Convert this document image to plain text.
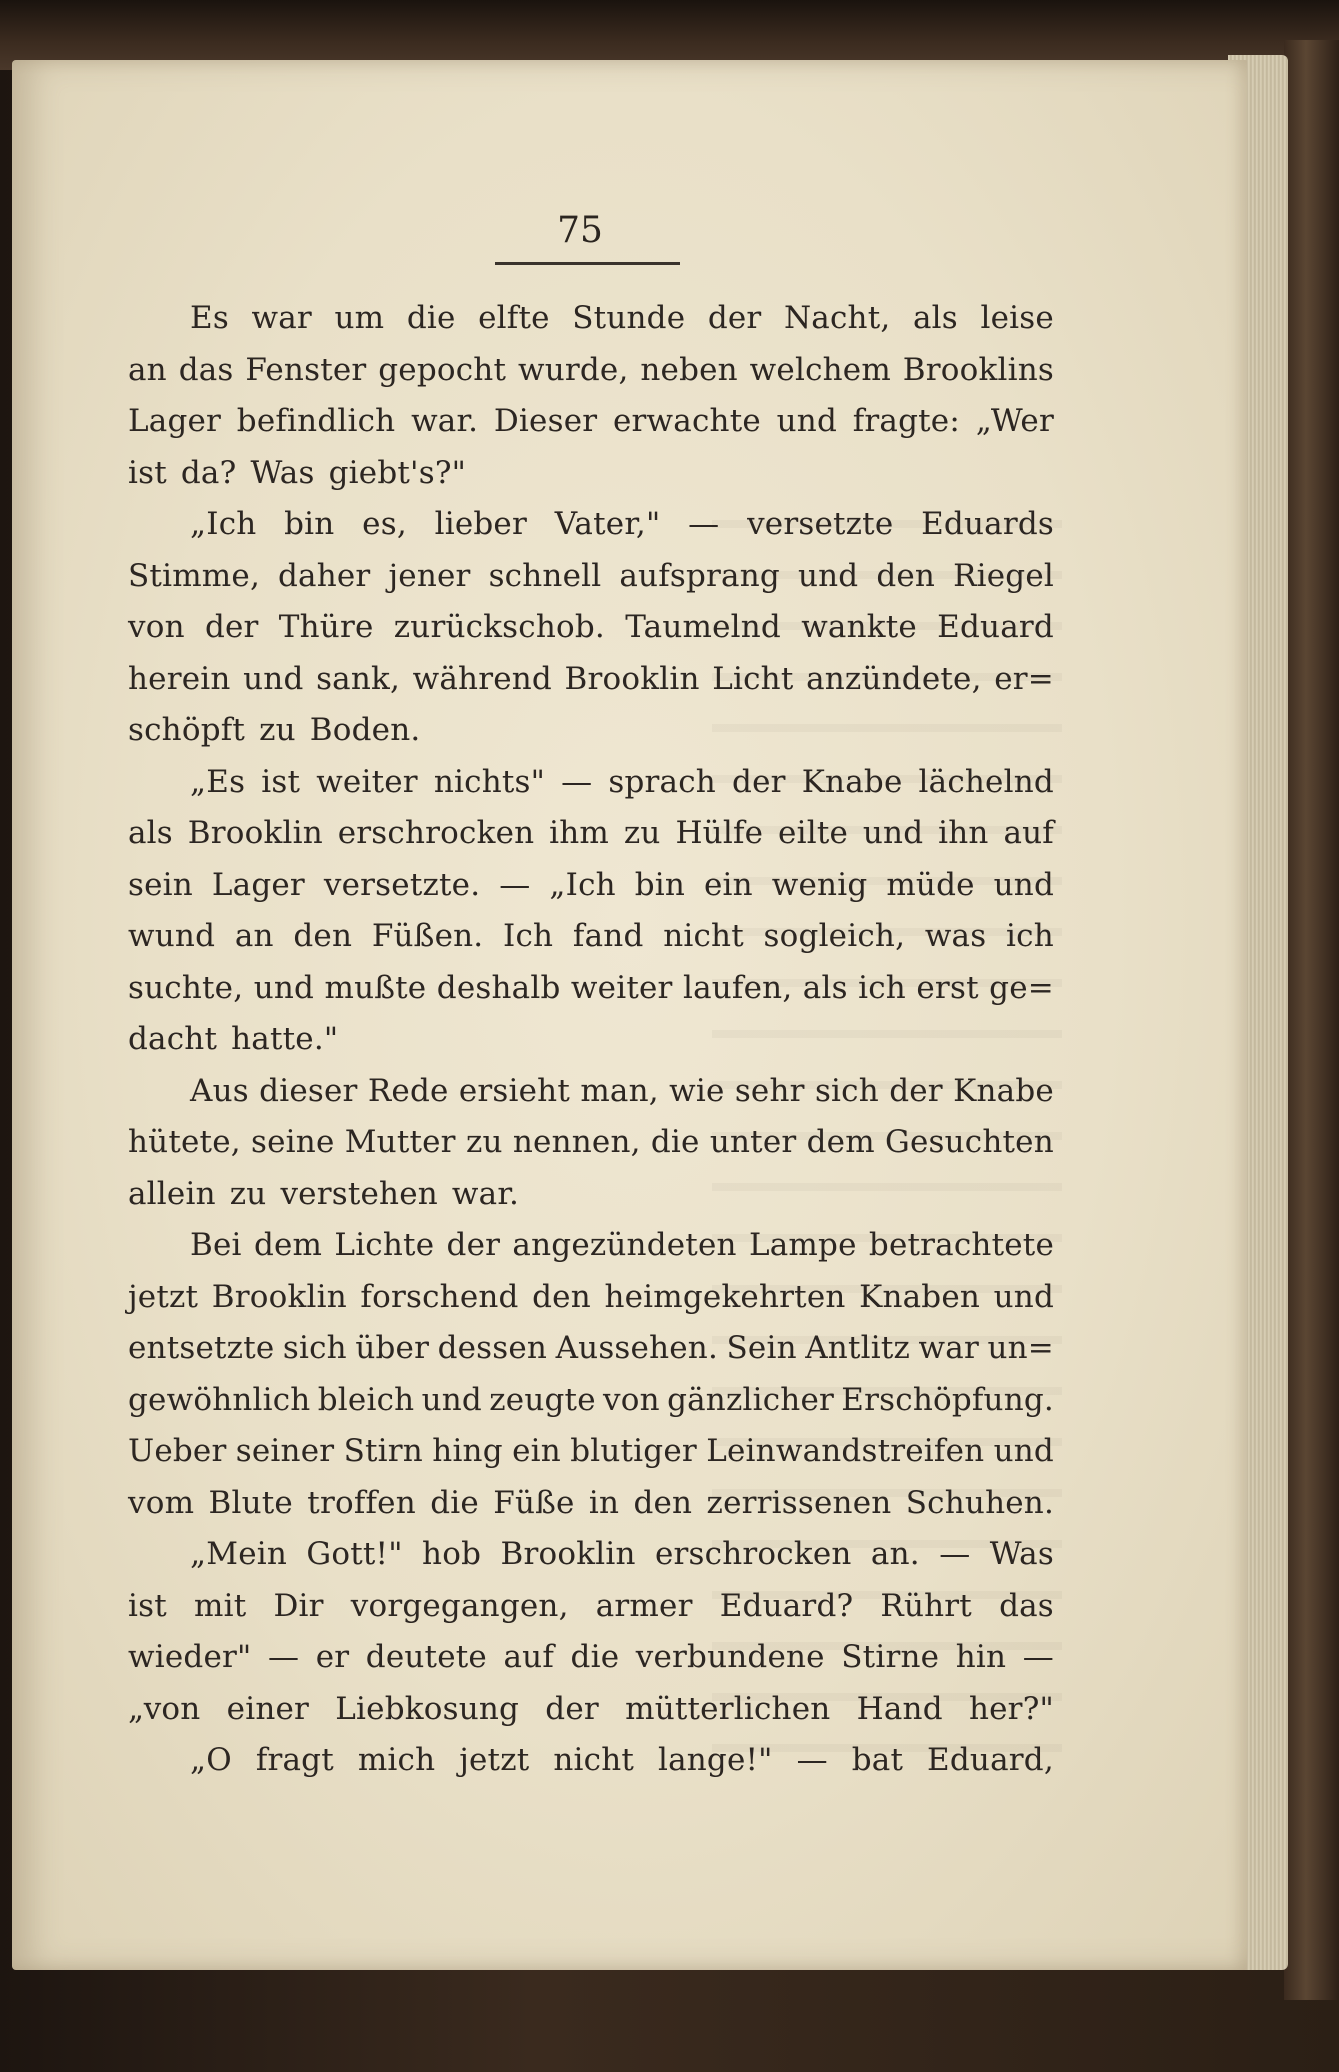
75
Es war um die elfte Stunde der Nacht, als leise
an das Fenster gepocht wurde, neben welchem Brooklins
Lager befindlich war. Dieser erwachte und fragte: „Wer
ist da? Was giebt's?"
„Ich bin es, lieber Vater," — versetzte Eduards
Stimme, daher jener schnell aufsprang und den Riegel
von der Thüre zurückschob. Taumelnd wankte Eduard
herein und sank, während Brooklin Licht anzündete, er=
schöpft zu Boden.
„Es ist weiter nichts" — sprach der Knabe lächelnd
als Brooklin erschrocken ihm zu Hülfe eilte und ihn auf
sein Lager versetzte. — „Ich bin ein wenig müde und
wund an den Füßen. Ich fand nicht sogleich, was ich
suchte, und mußte deshalb weiter laufen, als ich erst ge=
dacht hatte."
Aus dieser Rede ersieht man, wie sehr sich der Knabe
hütete, seine Mutter zu nennen, die unter dem Gesuchten
allein zu verstehen war.
Bei dem Lichte der angezündeten Lampe betrachtete
jetzt Brooklin forschend den heimgekehrten Knaben und
entsetzte sich über dessen Aussehen. Sein Antlitz war un=
gewöhnlich bleich und zeugte von gänzlicher Erschöpfung.
Ueber seiner Stirn hing ein blutiger Leinwandstreifen und
vom Blute troffen die Füße in den zerrissenen Schuhen.
„Mein Gott!" hob Brooklin erschrocken an. — Was
ist mit Dir vorgegangen, armer Eduard? Rührt das
wieder" — er deutete auf die verbundene Stirne hin —
„von einer Liebkosung der mütterlichen Hand her?"
„O fragt mich jetzt nicht lange!" — bat Eduard,
